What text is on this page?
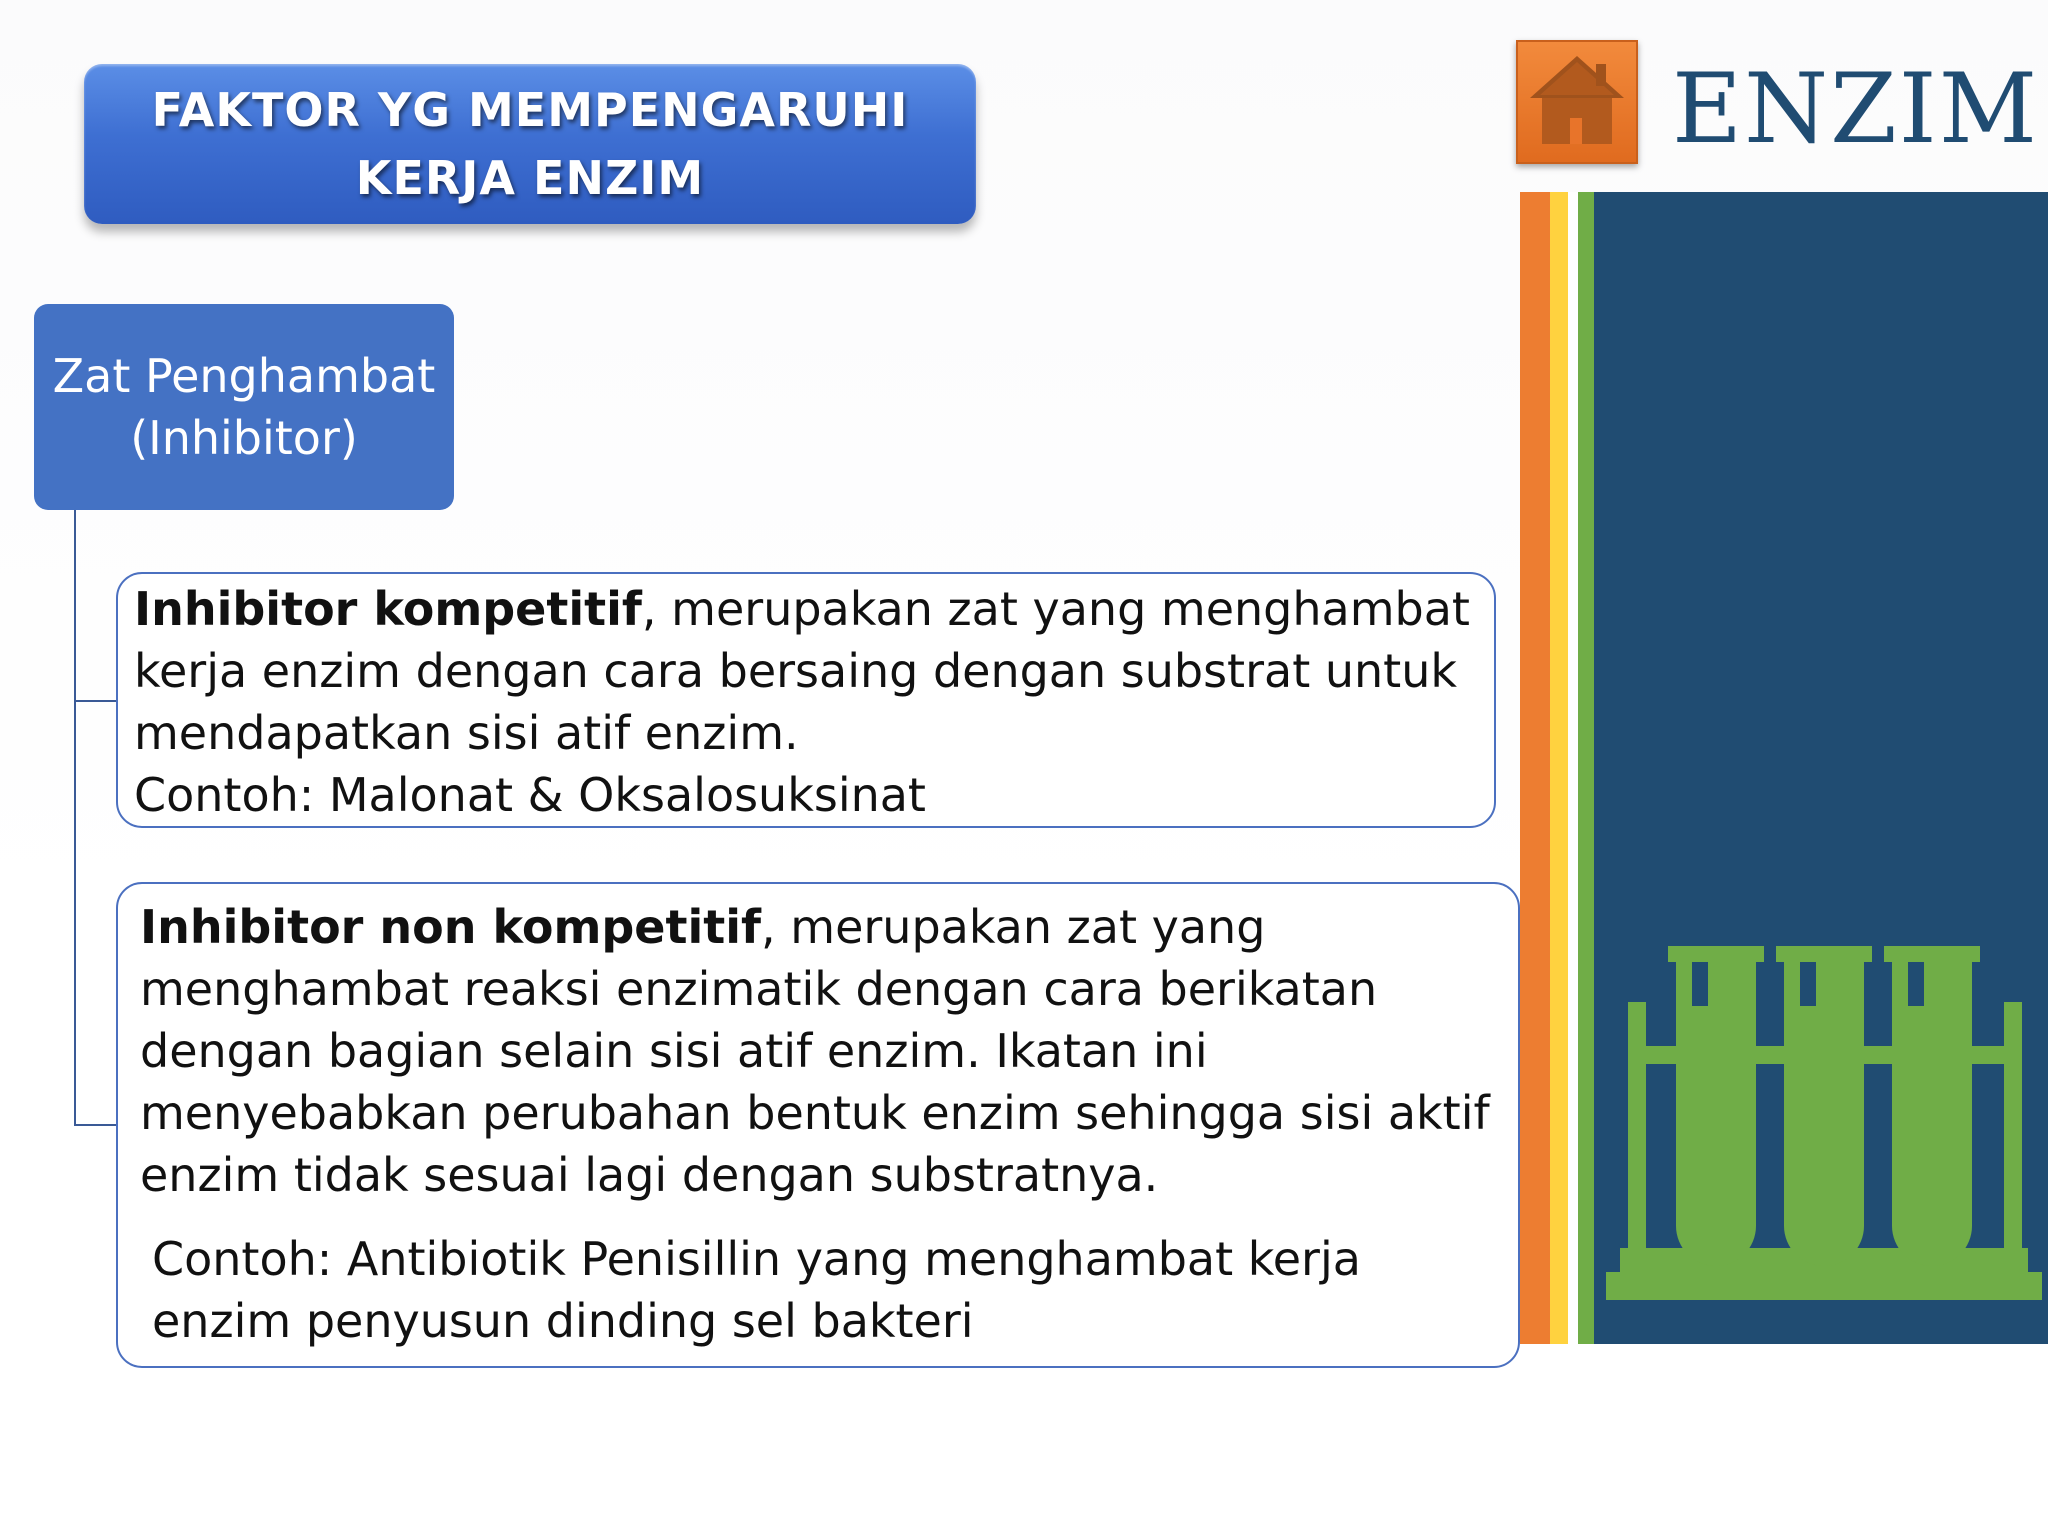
FAKTOR YG MEMPENGARUHI
KERJA ENZIM
ENZIM
Zat Penghambat
(Inhibitor)

Inhibitor kompetitif, merupakan zat yang menghambat kerja enzim dengan cara bersaing dengan substrat untuk mendapatkan sisi atif enzim.

Contoh: Malonat & Oksalosuksinat

Inhibitor non kompetitif, merupakan zat yang menghambat reaksi enzimatik dengan cara berikatan dengan bagian selain sisi atif enzim. Ikatan ini menyebabkan perubahan bentuk enzim sehingga sisi aktif enzim tidak sesuai lagi dengan substratnya.

Contoh: Antibiotik Penisillin yang menghambat kerja enzim penyusun dinding sel bakteri
